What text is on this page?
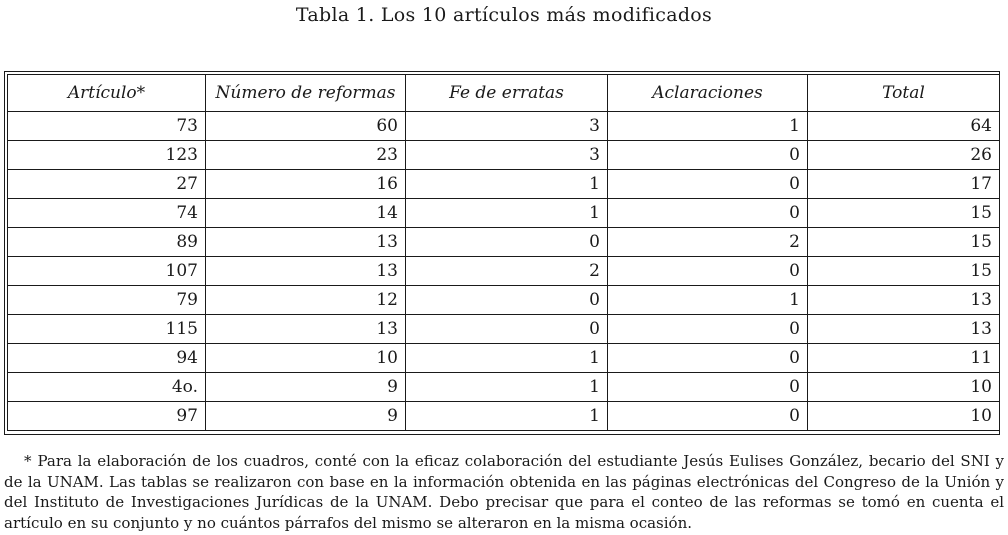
Tabla 1. Los 10 artículos más modificados
Artículo*	Número de reformas	Fe de erratas	Aclaraciones	Total
73	60	3	1	64
123	23	3	0	26
27	16	1	0	17
74	14	1	0	15
89	13	0	2	15
107	13	2	0	15
79	12	0	1	13
115	13	0	0	13
94	10	1	0	11
4o.	9	1	0	10
97	9	1	0	10
* Para la elaboración de los cuadros, conté con la eficaz colaboración del estudiante Jesús Eulises González, becario del SNI y de la UNAM. Las tablas se realizaron con base en la información obtenida en las páginas electrónicas del Congreso de la Unión y del Instituto de Investigaciones Jurídicas de la UNAM. Debo precisar que para el conteo de las reformas se tomó en cuenta el artículo en su conjunto y no cuántos párrafos del mismo se alteraron en la misma ocasión.
